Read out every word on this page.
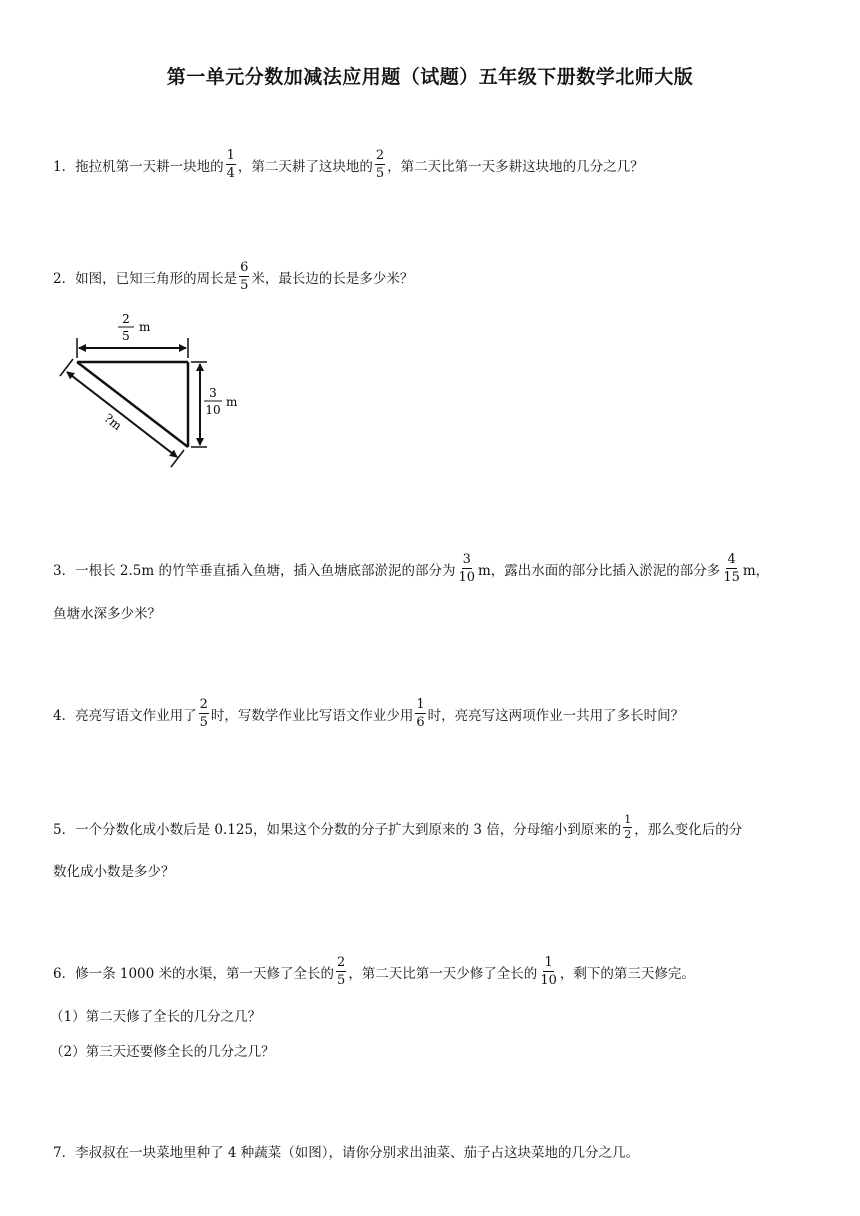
第一单元分数加减法应用题（试题）五年级下册数学北师大版
1．拖拉机第一天耕一块地的 $\frac{1}{4}$ ，第二天耕了这块地的 $\frac{2}{5}$ ，第二天比第一天多耕这块地的几分之几？
2．如图，已知三角形的周长是 $\frac{6}{5}$ 米，最长边的长是多少米？
2
5
m
3
10
m
?m
3．一根长 2.5m 的竹竿垂直插入鱼塘，插入鱼塘底部淤泥的部分为 $\frac{3}{10}$ m，露出水面的部分比插入淤泥的部分多 $\frac{4}{15}$ m，
鱼塘水深多少米？
4．亮亮写语文作业用了 $\frac{2}{5}$ 时，写数学作业比写语文作业少用 $\frac{1}{6}$ 时，亮亮写这两项作业一共用了多长时间？
5．一个分数化成小数后是 0.125，如果这个分数的分子扩大到原来的 3 倍，分母缩小到原来的 $\frac{1}{2}$ ，那么变化后的分
数化成小数是多少？
6．修一条 1000 米的水渠，第一天修了全长的 $\frac{2}{5}$ ，第二天比第一天少修了全长的 $\frac{1}{10}$ ，剩下的第三天修完。
（1）第二天修了全长的几分之几？
（2）第三天还要修全长的几分之几？
7．李叔叔在一块菜地里种了 4 种蔬菜（如图），请你分别求出油菜、茄子占这块菜地的几分之几。
